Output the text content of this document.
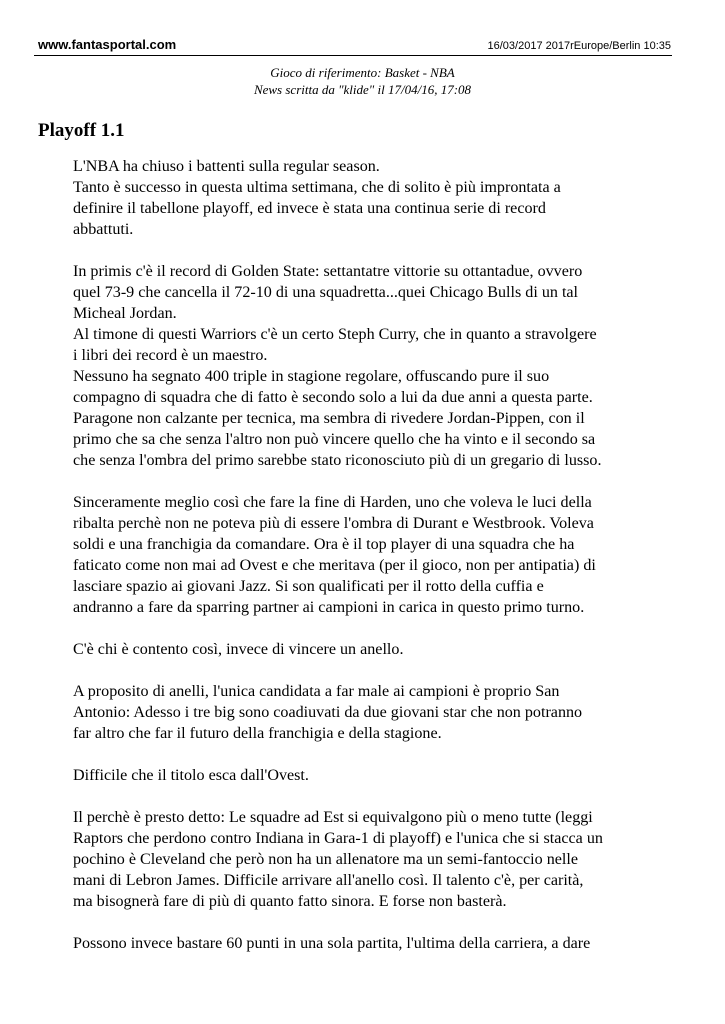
www.fantasportal.com	16/03/2017 2017rEurope/Berlin 10:35
Gioco di riferimento: Basket - NBA
News scritta da "klide" il 17/04/16, 17:08
Playoff 1.1

L'NBA ha chiuso i battenti sulla regular season.
Tanto è successo in questa ultima settimana, che di solito è più improntata a
definire il tabellone playoff, ed invece è stata una continua serie di record
abbattuti.

In primis c'è il record di Golden State: settantatre vittorie su ottantadue, ovvero
quel 73-9 che cancella il 72-10 di una squadretta...quei Chicago Bulls di un tal
Micheal Jordan.
Al timone di questi Warriors c'è un certo Steph Curry, che in quanto a stravolgere
i libri dei record è un maestro.
Nessuno ha segnato 400 triple in stagione regolare, offuscando pure il suo
compagno di squadra che di fatto è secondo solo a lui da due anni a questa parte.
Paragone non calzante per tecnica, ma sembra di rivedere Jordan-Pippen, con il
primo che sa che senza l'altro non può vincere quello che ha vinto e il secondo sa
che senza l'ombra del primo sarebbe stato riconosciuto più di un gregario di lusso.

Sinceramente meglio così che fare la fine di Harden, uno che voleva le luci della
ribalta perchè non ne poteva più di essere l'ombra di Durant e Westbrook. Voleva
soldi e una franchigia da comandare. Ora è il top player di una squadra che ha
faticato come non mai ad Ovest e che meritava (per il gioco, non per antipatia) di
lasciare spazio ai giovani Jazz. Si son qualificati per il rotto della cuffia e
andranno a fare da sparring partner ai campioni in carica in questo primo turno.

C'è chi è contento così, invece di vincere un anello.

A proposito di anelli, l'unica candidata a far male ai campioni è proprio San
Antonio: Adesso i tre big sono coadiuvati da due giovani star che non potranno
far altro che far il futuro della franchigia e della stagione.

Difficile che il titolo esca dall'Ovest.

Il perchè è presto detto: Le squadre ad Est si equivalgono più o meno tutte (leggi
Raptors che perdono contro Indiana in Gara-1 di playoff) e l'unica che si stacca un
pochino è Cleveland che però non ha un allenatore ma un semi-fantoccio nelle
mani di Lebron James. Difficile arrivare all'anello così. Il talento c'è, per carità,
ma bisognerà fare di più di quanto fatto sinora. E forse non basterà.

Possono invece bastare 60 punti in una sola partita, l'ultima della carriera, a dare
